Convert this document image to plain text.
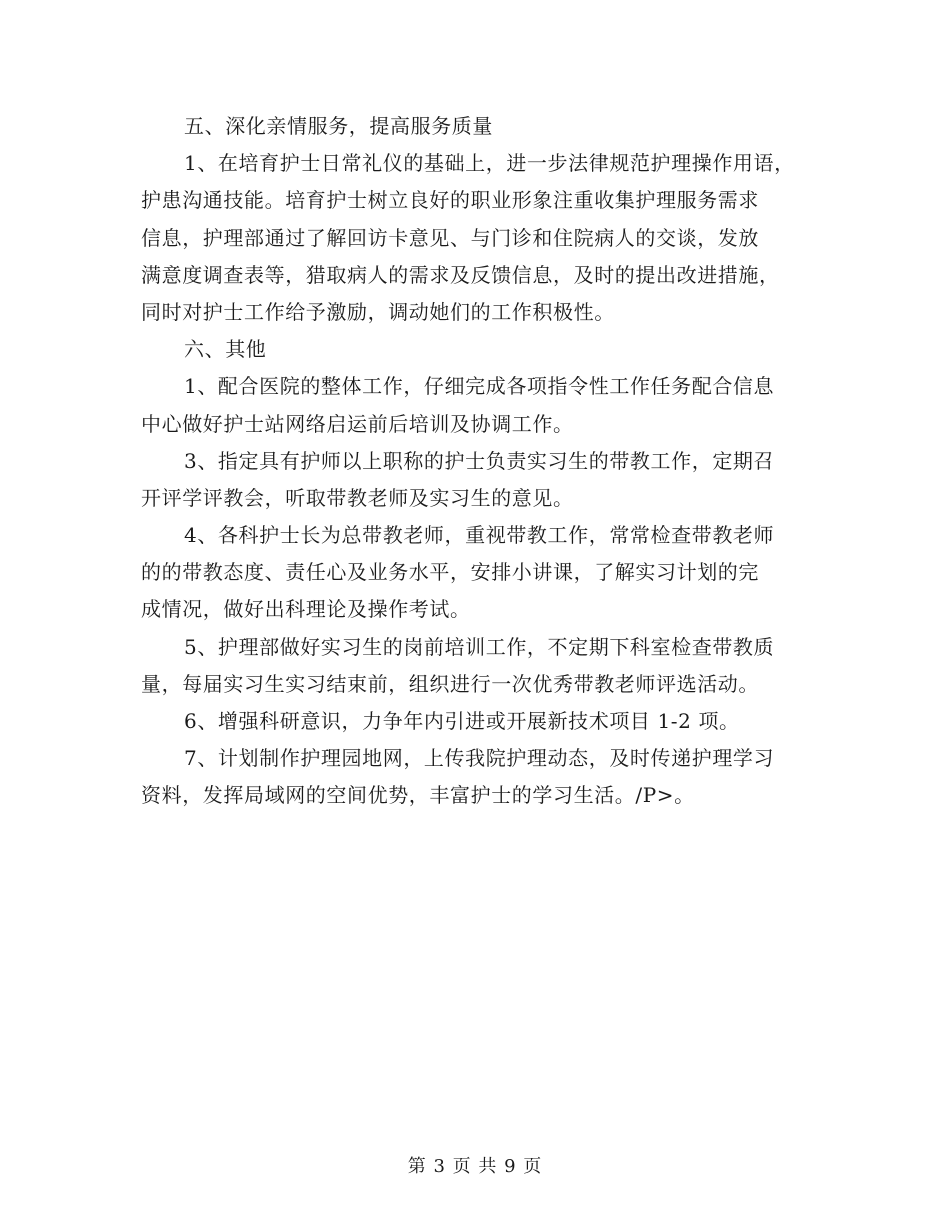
五、深化亲情服务，提高服务质量
1、在培育护士日常礼仪的基础上，进一步法律规范护理操作用语，
护患沟通技能。培育护士树立良好的职业形象注重收集护理服务需求
信息，护理部通过了解回访卡意见、与门诊和住院病人的交谈，发放
满意度调查表等，猎取病人的需求及反馈信息，及时的提出改进措施，
同时对护士工作给予激励，调动她们的工作积极性。
六、其他
1、配合医院的整体工作，仔细完成各项指令性工作任务配合信息
中心做好护士站网络启运前后培训及协调工作。
3、指定具有护师以上职称的护士负责实习生的带教工作，定期召
开评学评教会，听取带教老师及实习生的意见。
4、各科护士长为总带教老师，重视带教工作，常常检查带教老师
的的带教态度、责任心及业务水平，安排小讲课，了解实习计划的完
成情况，做好出科理论及操作考试。
5、护理部做好实习生的岗前培训工作，不定期下科室检查带教质
量，每届实习生实习结束前，组织进行一次优秀带教老师评选活动。
6、增强科研意识，力争年内引进或开展新技术项目 1-2 项。
7、计划制作护理园地网，上传我院护理动态，及时传递护理学习
资料，发挥局域网的空间优势，丰富护士的学习生活。/P>。
第 3 页 共 9 页
